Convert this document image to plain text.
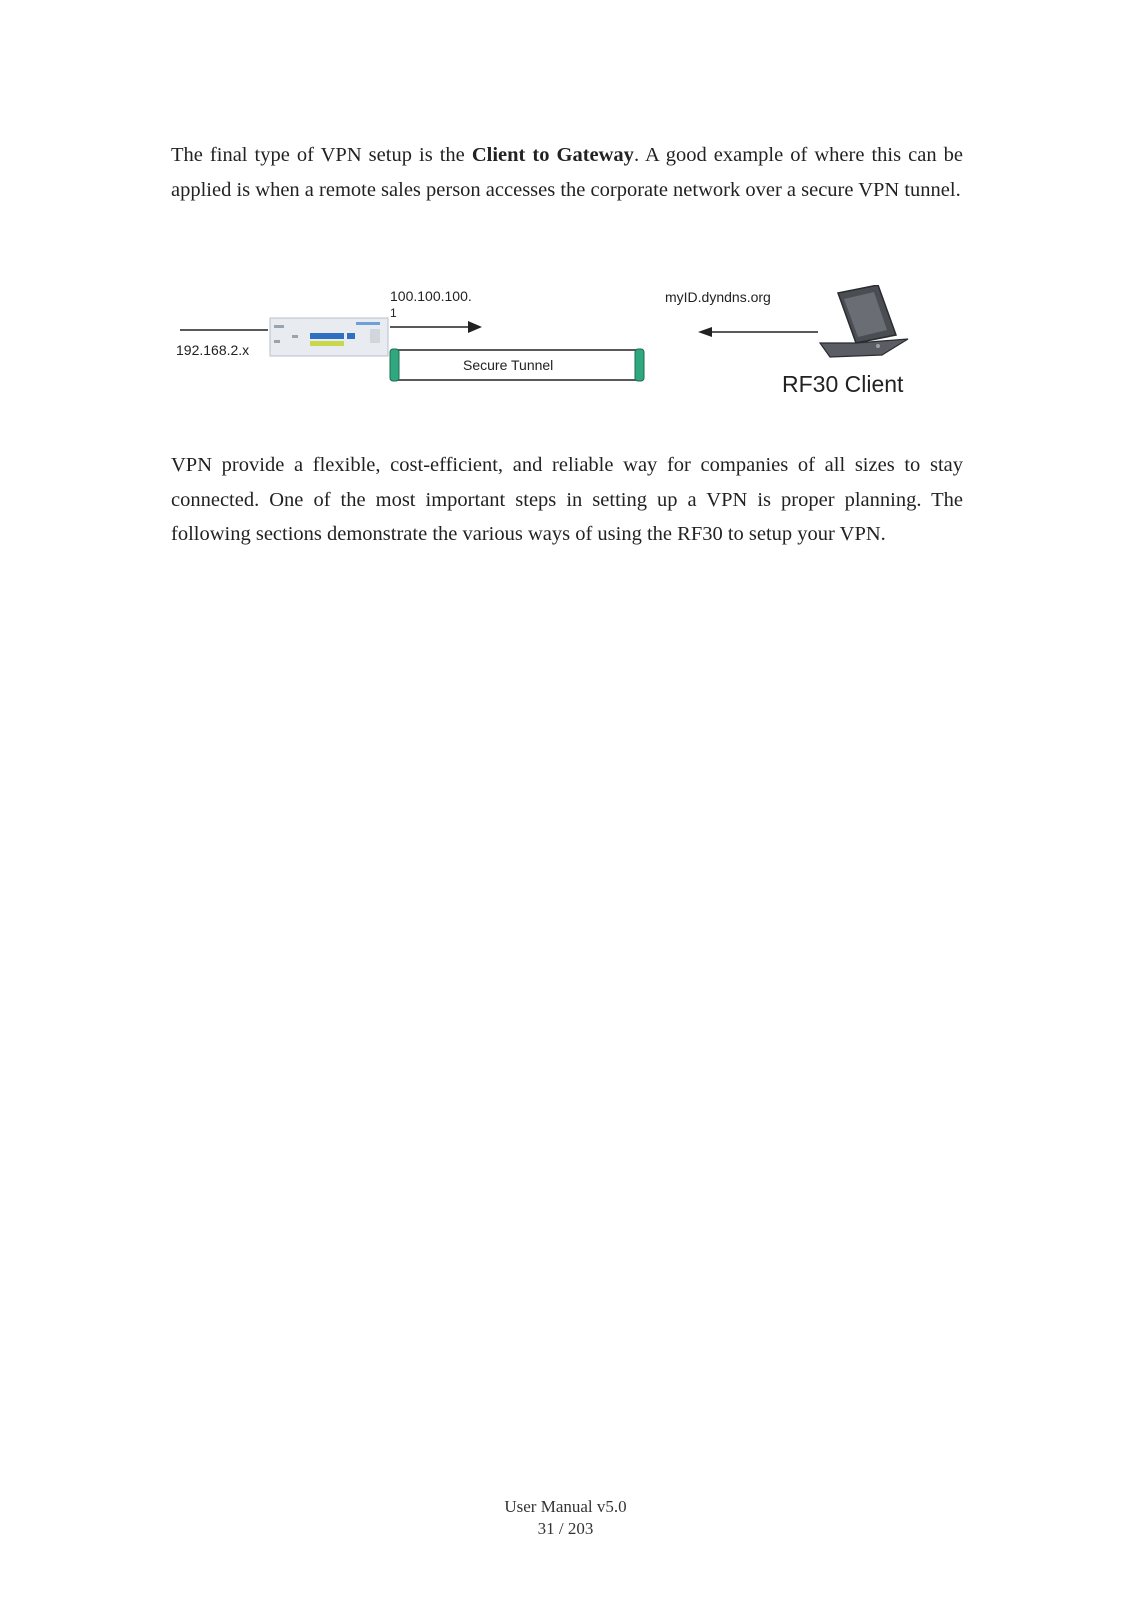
The final type of VPN setup is the Client to Gateway. A good example of where this can be applied is when a remote sales person accesses the corporate network over a secure VPN tunnel.

192.168.2.x
100.100.100.
1
Secure Tunnel
myID.dyndns.org
RF30 Client

VPN provide a flexible, cost-efficient, and reliable way for companies of all sizes to stay connected. One of the most important steps in setting up a VPN is proper planning. The following sections demonstrate the various ways of using the RF30 to setup your VPN.

User Manual v5.0
31 / 203
